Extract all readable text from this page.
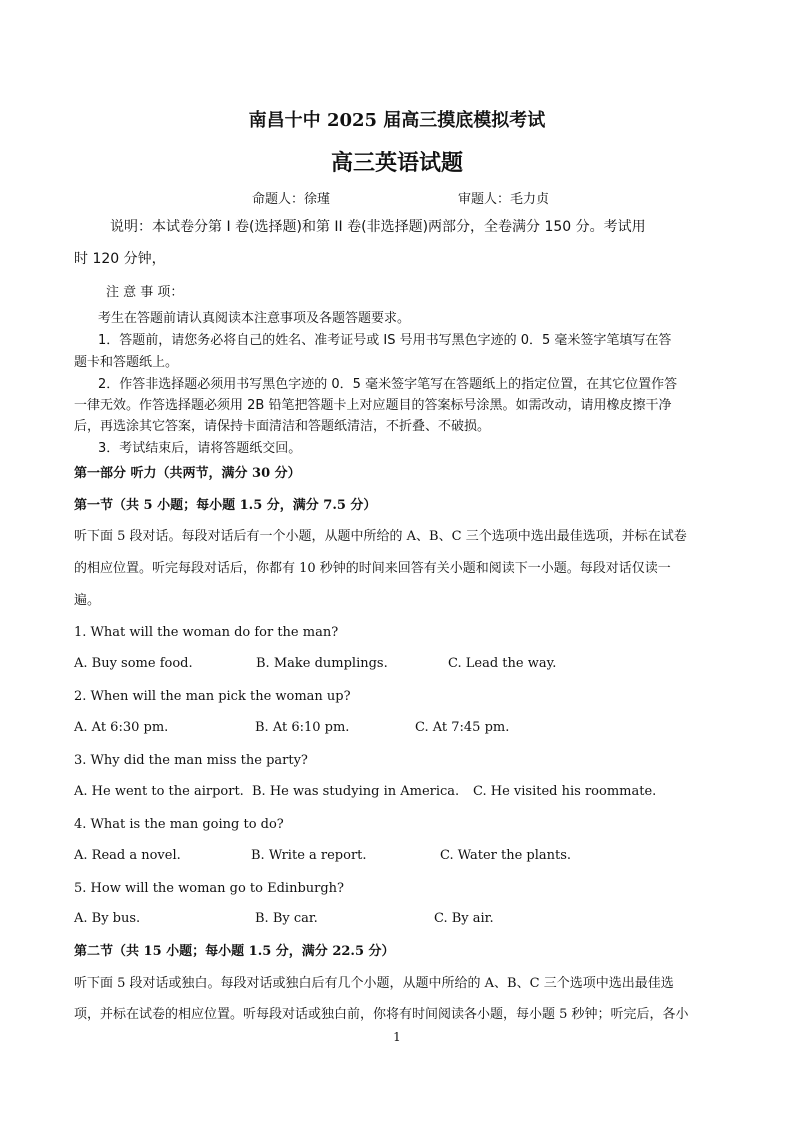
南昌十中 2025 届高三摸底模拟考试
高三英语试题
命题人：徐瑾	审题人：毛力贞
说明：本试卷分第 I 卷(选择题)和第 II 卷(非选择题)两部分，全卷满分 150 分。考试用
时 120 分钟，
注 意 事 项：
考生在答题前请认真阅读本注意事项及各题答题要求。
1．答题前，请您务必将自己的姓名、准考证号或 IS 号用书写黑色字迹的 0．5 毫米签字笔填写在答
题卡和答题纸上。
2．作答非选择题必须用书写黑色字迹的 0．5 毫米签字笔写在答题纸上的指定位置，在其它位置作答
一律无效。作答选择题必须用 2B 铅笔把答题卡上对应题目的答案标号涂黑。如需改动，请用橡皮擦干净
后，再选涂其它答案，请保持卡面清洁和答题纸清洁，不折叠、不破损。
3．考试结束后，请将答题纸交回。
第一部分 听力（共两节，满分 30 分）
第一节（共 5 小题；每小题 1.5 分，满分 7.5 分）
听下面 5 段对话。每段对话后有一个小题，从题中所给的 A、B、C 三个选项中选出最佳选项，并标在试卷
的相应位置。听完每段对话后，你都有 10 秒钟的时间来回答有关小题和阅读下一小题。每段对话仅读一
遍。
1. What will the woman do for the man?
A. Buy some food.	B. Make dumplings.	C. Lead the way.
2. When will the man pick the woman up?
A. At 6:30 pm.	B. At 6:10 pm.	C. At 7:45 pm.
3. Why did the man miss the party?
A. He went to the airport. B. He was studying in America. C. He visited his roommate.
4. What is the man going to do?
A. Read a novel.	B. Write a report.	C. Water the plants.
5. How will the woman go to Edinburgh?
A. By bus.	B. By car.	C. By air.
第二节（共 15 小题；每小题 1.5 分，满分 22.5 分）
听下面 5 段对话或独白。每段对话或独白后有几个小题，从题中所给的 A、B、C 三个选项中选出最佳选
项，并标在试卷的相应位置。听每段对话或独白前，你将有时间阅读各小题，每小题 5 秒钟；听完后，各小
1
